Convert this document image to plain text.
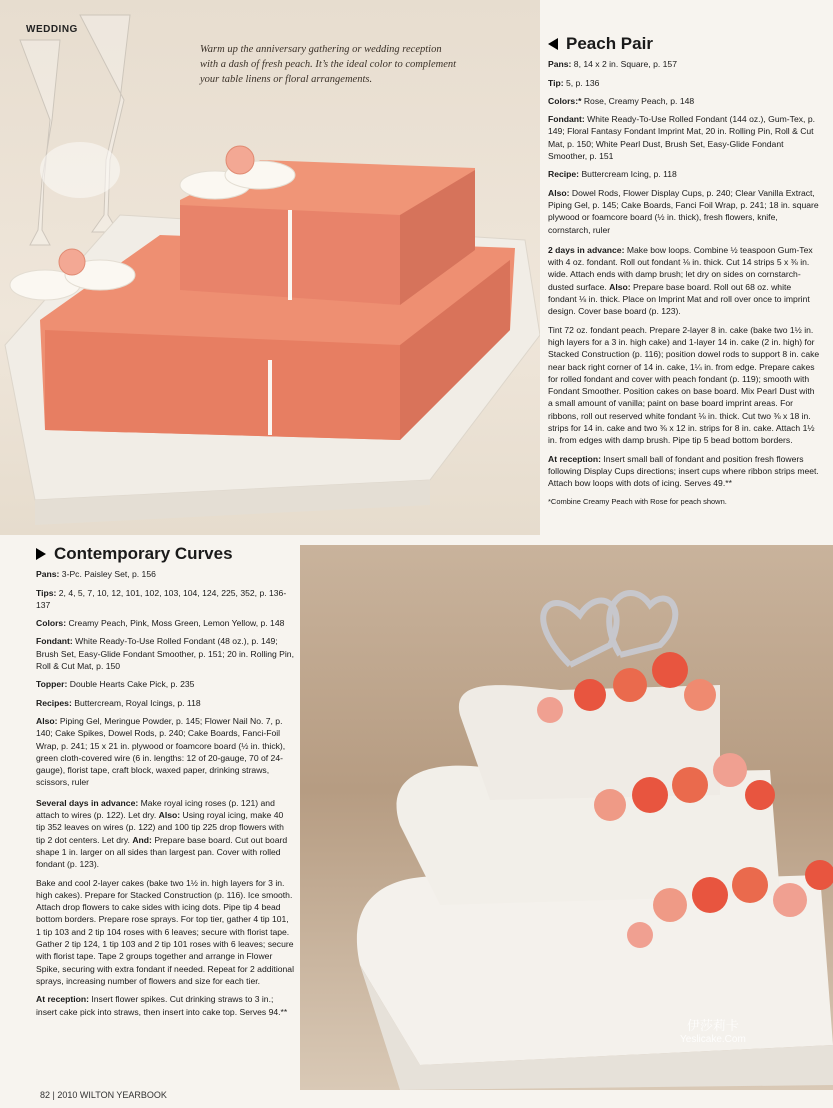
WEDDING
Warm up the anniversary gathering or wedding reception with a dash of fresh peach. It’s the ideal color to complement your table linens or floral arrangements.
Peach Pair

Pans: 8, 14 x 2 in. Square, p. 157

Tip: 5, p. 136

Colors:* Rose, Creamy Peach, p. 148

Fondant: White Ready-To-Use Rolled Fondant (144 oz.), Gum-Tex, p. 149; Floral Fantasy Fondant Imprint Mat, 20 in. Rolling Pin, Roll & Cut Mat, p. 150; White Pearl Dust, Brush Set, Easy-Glide Fondant Smoother, p. 151

Recipe: Buttercream Icing, p. 118

Also: Dowel Rods, Flower Display Cups, p. 240; Clear Vanilla Extract, Piping Gel, p. 145; Cake Boards, Fanci Foil Wrap, p. 241; 18 in. square plywood or foamcore board (½ in. thick), fresh flowers, knife, cornstarch, ruler

2 days in advance: Make bow loops. Combine ½ teaspoon Gum-Tex with 4 oz. fondant. Roll out fondant ⅛ in. thick. Cut 14 strips 5 x ⅜ in. wide. Attach ends with damp brush; let dry on sides on cornstarch-dusted surface. Also: Prepare base board. Roll out 68 oz. white fondant ⅛ in. thick. Place on Imprint Mat and roll over once to imprint design. Cover base board (p. 123).

Tint 72 oz. fondant peach. Prepare 2-layer 8 in. cake (bake two 1½ in. high layers for a 3 in. high cake) and 1-layer 14 in. cake (2 in. high) for Stacked Construction (p. 116); position dowel rods to support 8 in. cake near back right corner of 14 in. cake, 1¼ in. from edge. Prepare cakes for rolled fondant and cover with peach fondant (p. 119); smooth with Fondant Smoother. Position cakes on base board. Mix Pearl Dust with a small amount of vanilla; paint on base board imprint areas. For ribbons, roll out reserved white fondant ⅛ in. thick. Cut two ⅜ x 18 in. strips for 14 in. cake and two ⅜ x 12 in. strips for 8 in. cake. Attach 1½ in. from edges with damp brush. Pipe tip 5 bead bottom borders.

At reception: Insert small ball of fondant and position fresh flowers following Display Cups directions; insert cups where ribbon strips meet. Attach bow loops with dots of icing. Serves 49.**

*Combine Creamy Peach with Rose for peach shown.
Contemporary Curves

Pans: 3-Pc. Paisley Set, p. 156

Tips: 2, 4, 5, 7, 10, 12, 101, 102, 103, 104, 124, 225, 352, p. 136-137

Colors: Creamy Peach, Pink, Moss Green, Lemon Yellow, p. 148

Fondant: White Ready-To-Use Rolled Fondant (48 oz.), p. 149; Brush Set, Easy-Glide Fondant Smoother, p. 151; 20 in. Rolling Pin, Roll & Cut Mat, p. 150

Topper: Double Hearts Cake Pick, p. 235

Recipes: Buttercream, Royal Icings, p. 118

Also: Piping Gel, Meringue Powder, p. 145; Flower Nail No. 7, p. 140; Cake Spikes, Dowel Rods, p. 240; Cake Boards, Fanci-Foil Wrap, p. 241; 15 x 21 in. plywood or foamcore board (½ in. thick), green cloth-covered wire (6 in. lengths: 12 of 20-gauge, 70 of 24-gauge), florist tape, craft block, waxed paper, drinking straws, scissors, ruler

Several days in advance: Make royal icing roses (p. 121) and attach to wires (p. 122). Let dry. Also: Using royal icing, make 40 tip 352 leaves on wires (p. 122) and 100 tip 225 drop flowers with tip 2 dot centers. Let dry. And: Prepare base board. Cut out board shape 1 in. larger on all sides than largest pan. Cover with rolled fondant (p. 123).

Bake and cool 2-layer cakes (bake two 1½ in. high layers for 3 in. high cakes). Prepare for Stacked Construction (p. 116). Ice smooth. Attach drop flowers to cake sides with icing dots. Pipe tip 4 bead bottom borders. Prepare rose sprays. For top tier, gather 4 tip 101, 1 tip 103 and 2 tip 104 roses with 6 leaves; secure with florist tape. Gather 2 tip 124, 1 tip 103 and 2 tip 101 roses with 6 leaves; secure with florist tape. Tape 2 groups together and arrange in Flower Spike, securing with extra fondant if needed. Repeat for 2 additional sprays, increasing number of flowers and size for each tier.

At reception: Insert flower spikes. Cut drinking straws to 3 in.; insert cake pick into straws, then insert into cake top. Serves 94.**

伊莎莉卡
Yeslicake.Com
82 | 2010 WILTON YEARBOOK
